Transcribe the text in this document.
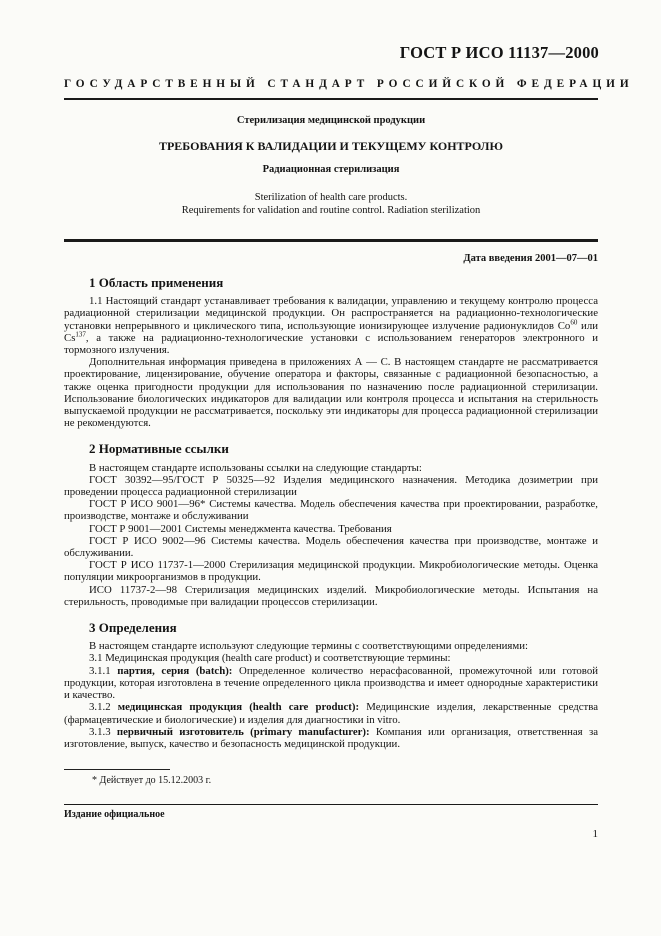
ГОСТ Р ИСО 11137—2000
ГОСУДАРСТВЕННЫЙ СТАНДАРТ РОССИЙСКОЙ ФЕДЕРАЦИИ
Стерилизация медицинской продукции
ТРЕБОВАНИЯ К ВАЛИДАЦИИ И ТЕКУЩЕМУ КОНТРОЛЮ
Радиационная стерилизация
Sterilization of health care products.
Requirements for validation and routine control. Radiation sterilization
Дата введения 2001—07—01
1 Область применения

1.1 Настоящий стандарт устанавливает требования к валидации, управлению и текущему контролю процесса радиационной стерилизации медицинской продукции. Он распространяется на радиационно-технологические установки непрерывного и циклического типа, использующие ионизирующее излучение радионуклидов Co$^{60}$ или Cs$^{137}$, а также на радиационно-технологические установки с использованием генераторов электронного и тормозного излучения.

Дополнительная информация приведена в приложениях А — С. В настоящем стандарте не рассматривается проектирование, лицензирование, обучение оператора и факторы, связанные с радиационной безопасностью, а также оценка пригодности продукции для использования по назначению после радиационной стерилизации. Использование биологических индикаторов для валидации или контроля процесса и испытания на стерильность выпускаемой продукции не рассматривается, поскольку эти индикаторы для процесса радиационной стерилизации не рекомендуются.

2 Нормативные ссылки

В настоящем стандарте использованы ссылки на следующие стандарты:

ГОСТ 30392—95/ГОСТ Р 50325—92 Изделия медицинского назначения. Методика дозиметрии при проведении процесса радиационной стерилизации

ГОСТ Р ИСО 9001—96* Системы качества. Модель обеспечения качества при проектировании, разработке, производстве, монтаже и обслуживании

ГОСТ Р 9001—2001 Системы менеджмента качества. Требования

ГОСТ Р ИСО 9002—96 Системы качества. Модель обеспечения качества при производстве, монтаже и обслуживании.

ГОСТ Р ИСО 11737-1—2000 Стерилизация медицинской продукции. Микробиологические методы. Оценка популяции микроорганизмов в продукции.

ИСО 11737-2—98 Стерилизация медицинских изделий. Микробиологические методы. Испытания на стерильность, проводимые при валидации процессов стерилизации.

3 Определения

В настоящем стандарте используют следующие термины с соответствующими определениями:

3.1 Медицинская продукция (health care product) и соответствующие термины:

3.1.1 партия, серия (batch): Определенное количество нерасфасованной, промежуточной или готовой продукции, которая изготовлена в течение определенного цикла производства и имеет однородные характеристики и качество.

3.1.2 медицинская продукция (health care product): Медицинские изделия, лекарственные средства (фармацевтические и биологические) и изделия для диагностики in vitro.

3.1.3 первичный изготовитель (primary manufacturer): Компания или организация, ответственная за изготовление, выпуск, качество и безопасность медицинской продукции.

* Действует до 15.12.2003 г.
Издание официальное
1
